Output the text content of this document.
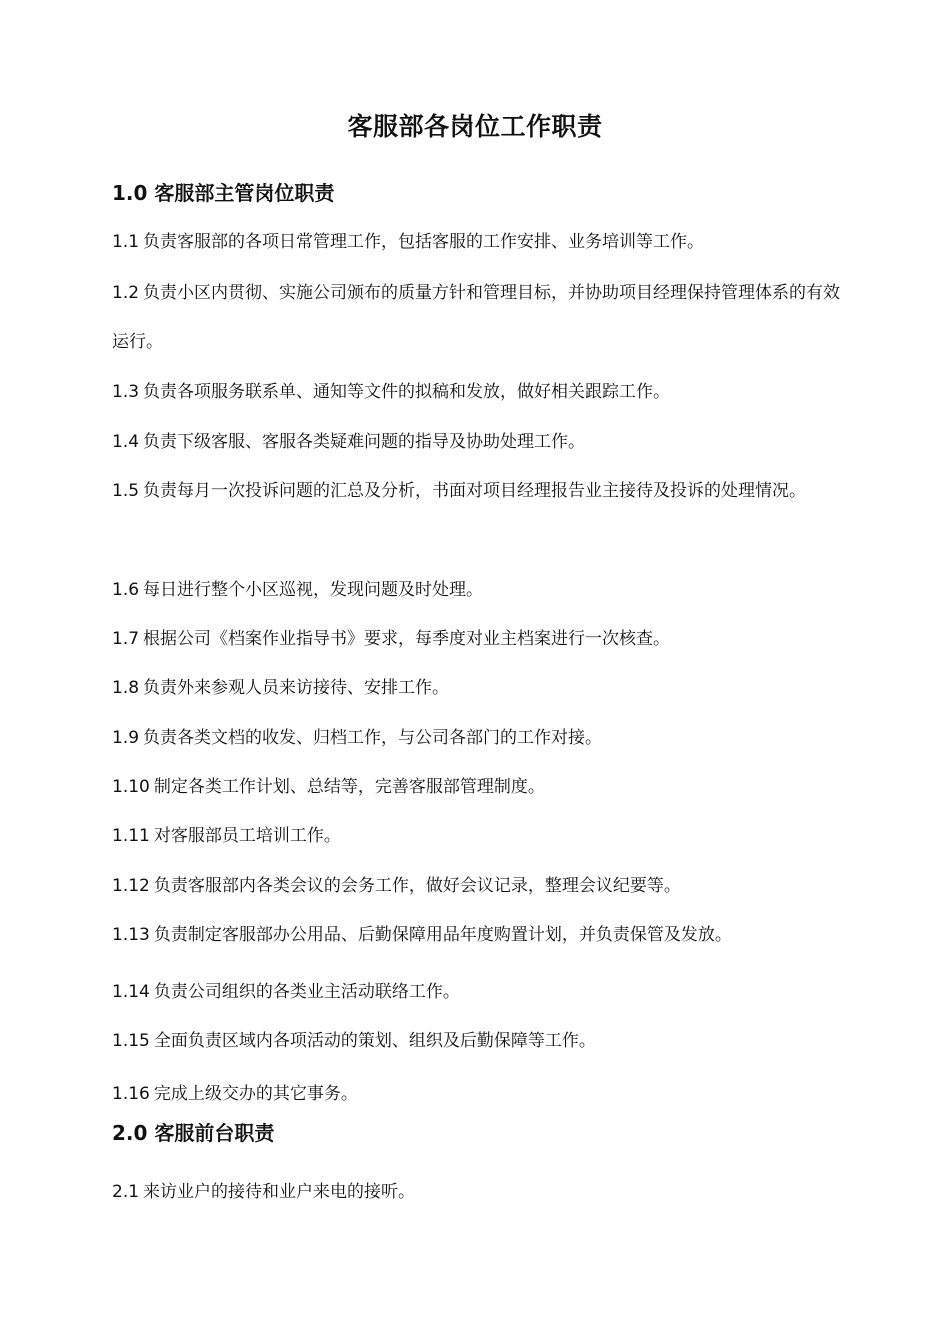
客服部各岗位工作职责
1.0 客服部主管岗位职责

1.1 负责客服部的各项日常管理工作，包括客服的工作安排、业务培训等工作。

1.2 负责小区内贯彻、实施公司颁布的质量方针和管理目标，并协助项目经理保持管理体系的有效运行。

1.3 负责各项服务联系单、通知等文件的拟稿和发放，做好相关跟踪工作。

1.4 负责下级客服、客服各类疑难问题的指导及协助处理工作。

1.5 负责每月一次投诉问题的汇总及分析，书面对项目经理报告业主接待及投诉的处理情况。

1.6 每日进行整个小区巡视，发现问题及时处理。

1.7 根据公司《档案作业指导书》要求，每季度对业主档案进行一次核查。

1.8 负责外来参观人员来访接待、安排工作。

1.9 负责各类文档的收发、归档工作，与公司各部门的工作对接。

1.10 制定各类工作计划、总结等，完善客服部管理制度。

1.11 对客服部员工培训工作。

1.12 负责客服部内各类会议的会务工作，做好会议记录，整理会议纪要等。

1.13 负责制定客服部办公用品、后勤保障用品年度购置计划，并负责保管及发放。

1.14 负责公司组织的各类业主活动联络工作。

1.15 全面负责区域内各项活动的策划、组织及后勤保障等工作。

1.16 完成上级交办的其它事务。

2.0 客服前台职责

2.1 来访业户的接待和业户来电的接听。
